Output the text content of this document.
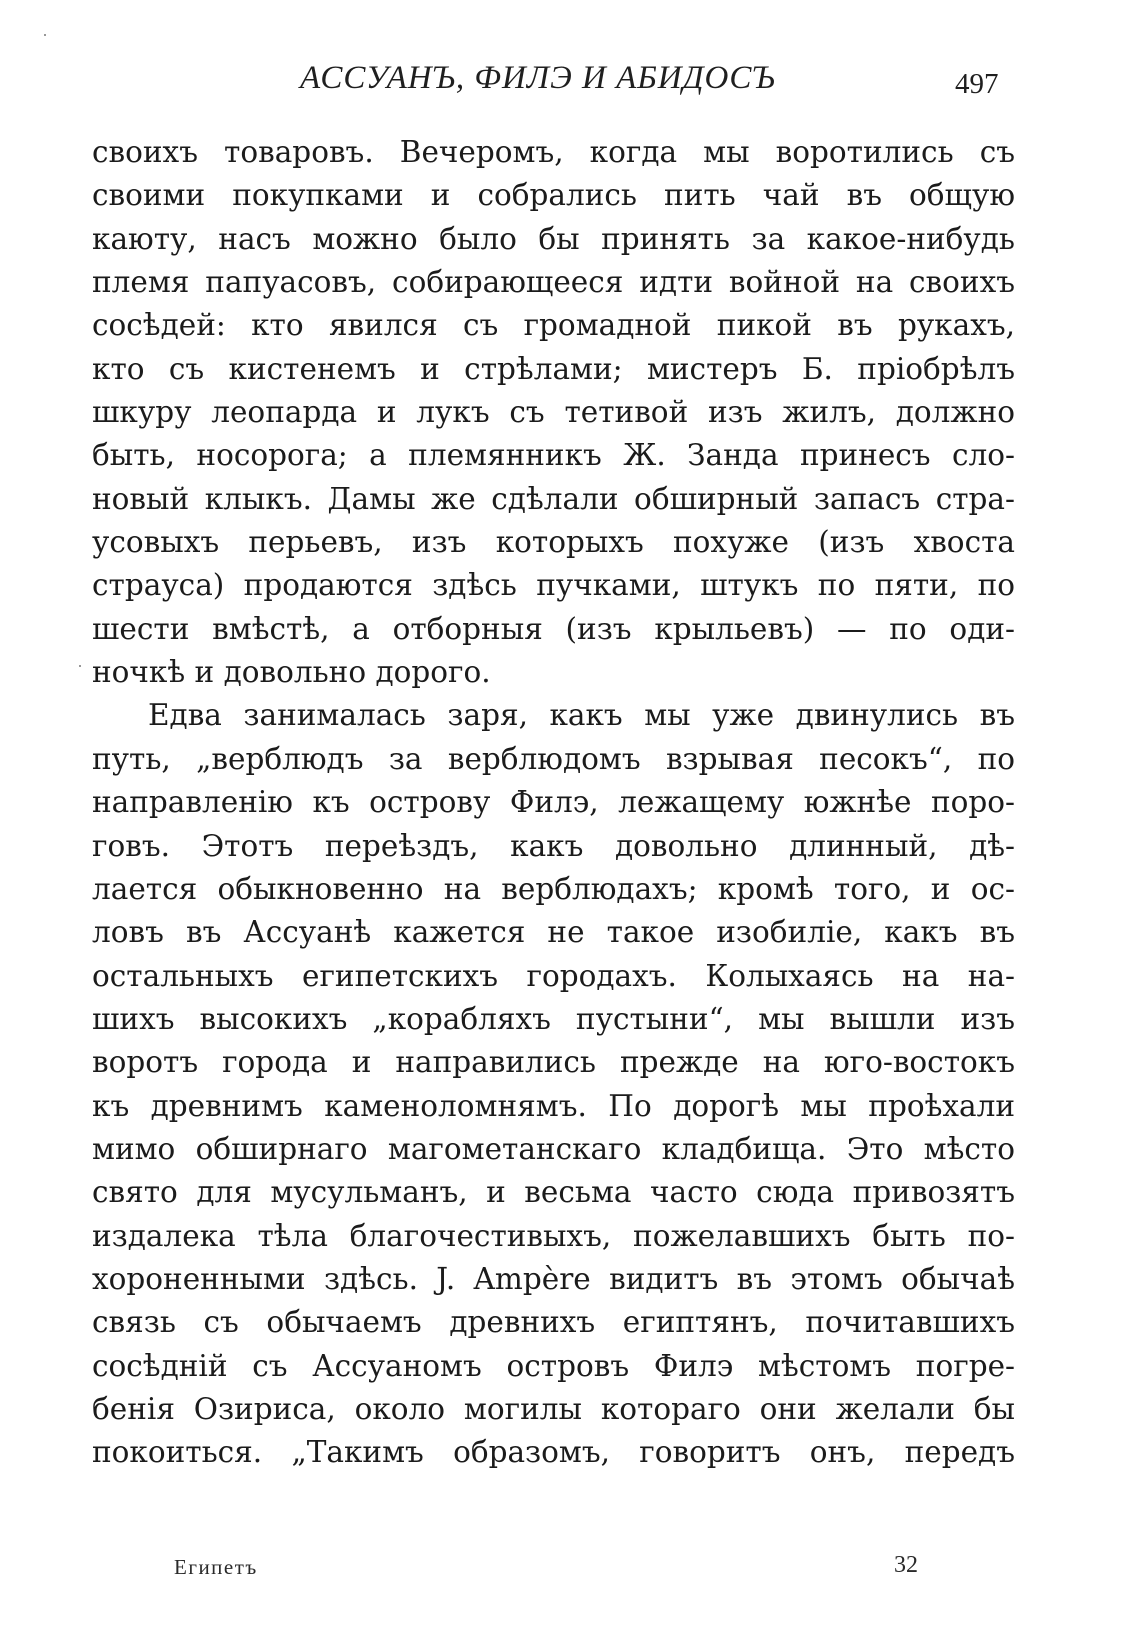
АССУАНЪ, ФИЛЭ И АБИДОСЪ	497
своихъ товаровъ. Вечеромъ, когда мы воротились съ
своими покупками и собрались пить чай въ общую
каюту, насъ можно было бы принять за какое-нибудь
племя папуасовъ, собирающееся идти войной на своихъ
сосѣдей: кто явился съ громадной пикой въ рукахъ,
кто съ кистенемъ и стрѣлами; мистеръ Б. пріобрѣлъ
шкуру леопарда и лукъ съ тетивой изъ жилъ, должно
быть, носорога; а племянникъ Ж. Занда принесъ сло-
новый клыкъ. Дамы же сдѣлали обширный запасъ стра-
усовыхъ перьевъ, изъ которыхъ похуже (изъ хвоста
страуса) продаются здѣсь пучками, штукъ по пяти, по
шести вмѣстѣ, а отборныя (изъ крыльевъ) — по оди-
ночкѣ и довольно дорого.
Едва занималась заря, какъ мы уже двинулись въ
путь, „верблюдъ за верблюдомъ взрывая песокъ“, по
направленію къ острову Филэ, лежащему южнѣе поро-
говъ. Этотъ переѣздъ, какъ довольно длинный, дѣ-
лается обыкновенно на верблюдахъ; кромѣ того, и ос-
ловъ въ Ассуанѣ кажется не такое изобиліе, какъ въ
остальныхъ египетскихъ городахъ. Колыхаясь на на-
шихъ высокихъ „корабляхъ пустыни“, мы вышли изъ
воротъ города и направились прежде на юго-востокъ
къ древнимъ каменоломнямъ. По дорогѣ мы проѣхали
мимо обширнаго магометанскаго кладбища. Это мѣсто
свято для мусульманъ, и весьма часто сюда привозятъ
издалека тѣла благочестивыхъ, пожелавшихъ быть по-
хороненными здѣсь. J. Ampère видитъ въ этомъ обычаѣ
связь съ обычаемъ древнихъ египтянъ, почитавшихъ
сосѣдній съ Ассуаномъ островъ Филэ мѣстомъ погре-
бенія Озириса, около могилы котораго они желали бы
покоиться. „Такимъ образомъ, говоритъ онъ, передъ
Египетъ	32
